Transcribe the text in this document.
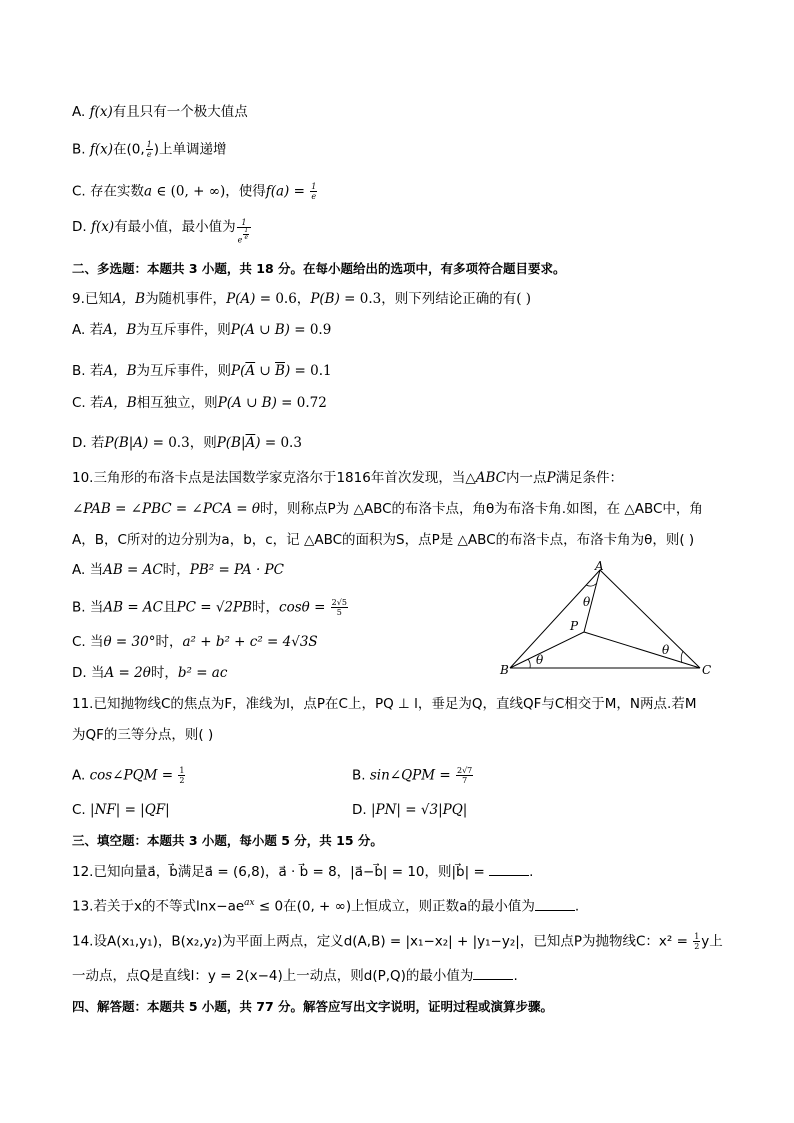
A. f(x)有且只有一个极大值点
B. f(x)在(0, $\frac{1}{e}$ )上单调递增
C. 存在实数a ∈ (0, + ∞)，使得$f(a) = \frac{1}{e}$
D. f(x)有最小值，最小值为 $\frac{1}{e \frac{1}{e}}$
二、多选题：本题共 3 小题，共 18 分。在每小题给出的选项中，有多项符合题目要求。
9.已知A，B为随机事件，P(A) = 0.6，P(B) = 0.3，则下列结论正确的有( )
A. 若A，B为互斥事件，则P(A ∪ B) = 0.9
B. 若A，B为互斥事件，则$P(\overline{A}$ ∪ $\overline{B}) = 0.1$
C. 若A，B相互独立，则P(A ∪ B) = 0.72
D. 若P(B|A) = 0.3，则$P(B|\overline{A}) = 0.3$
10.三角形的布洛卡点是法国数学家克洛尔于1816年首次发现，当△ABC内一点P满足条件：
∠PAB = ∠PBC = ∠PCA = θ时，则称点P为 △ABC的布洛卡点，角θ为布洛卡角.如图，在 △ABC中，角
A，B，C所对的边分别为a，b，c，记 △ABC的面积为S，点P是 △ABC的布洛卡点，布洛卡角为θ，则( )
A. 当AB = AC时，PB² = PA · PC
B. 当AB = AC且PC = √2PB时，$\cos\theta = \frac{2√5}{5}$
C. 当θ = 30°时，a² + b² + c² = 4√3S
D. 当A = 2θ时，b² = ac
A
B	C
P
θ
θ
θ
11.已知抛物线C的焦点为F，准线为l，点P在C上，PQ ⊥ l，垂足为Q，直线QF与C相交于M，N两点.若M
为QF的三等分点，则( )
A. cos∠PQM = $\frac{1}{2}$	B. sin∠QPM = $\frac{2√7}{7}$
C. |NF| = |QF|	D. |PN| = √3|PQ|
三、填空题：本题共 3 小题，每小题 5 分，共 15 分。
12.已知向量a⃗，b⃗满足a⃗ = (6,8)，a⃗ · b⃗ = 8，|a⃗−b⃗| = 10，则|b⃗| =	.
13.若关于x的不等式$\ln x-ae^{ax} \le 0$在(0, + ∞)上恒成立，则正数a的最小值为	.
14.设A(x₁,y₁)，B(x₂,y₂)为平面上两点，定义d(A,B) = |x₁−x₂| + |y₁−y₂|，已知点P为抛物线C：$x^2 = \frac{1}{2}$ y上
一动点，点Q是直线l：y = 2(x−4)上一动点，则d(P,Q)的最小值为	.
四、解答题：本题共 5 小题，共 77 分。解答应写出文字说明，证明过程或演算步骤。
